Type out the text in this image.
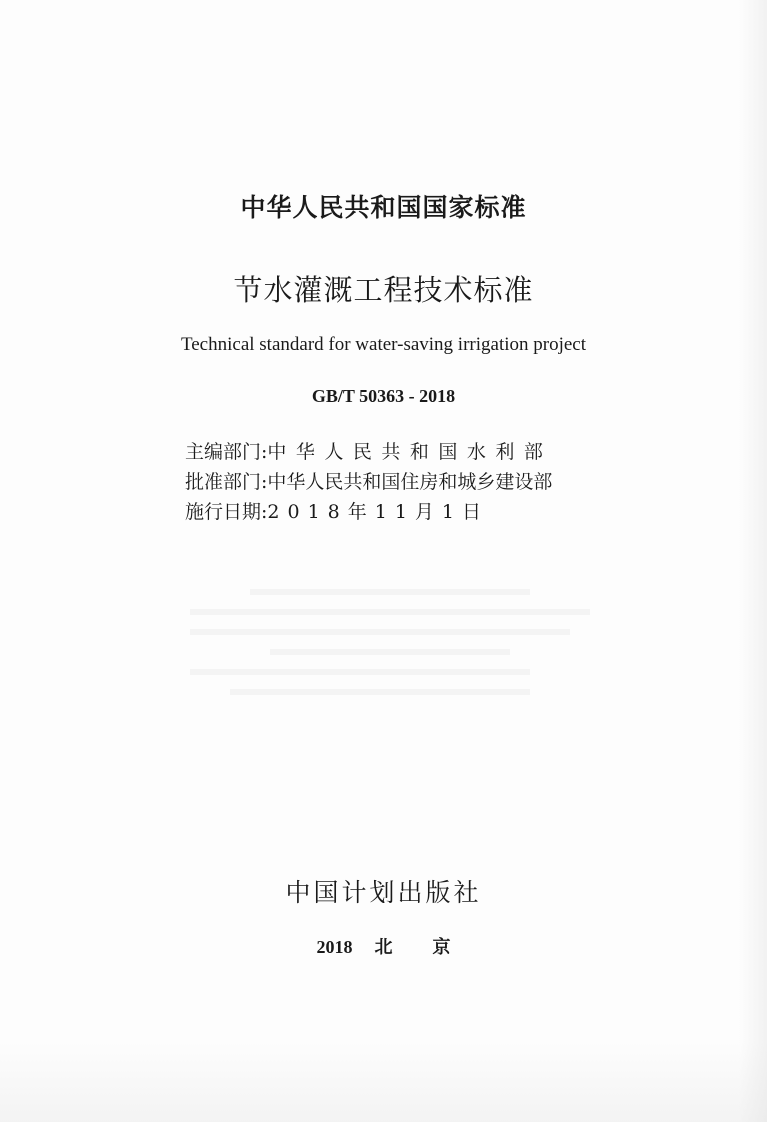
中华人民共和国国家标准
节水灌溉工程技术标准
Technical standard for water-saving irrigation project
GB/T 50363 - 2018
主编部门:中华人民共和国水利部
批准部门:中华人民共和国住房和城乡建设部
施行日期:2018年11月1日
中国计划出版社
2018 北 京
